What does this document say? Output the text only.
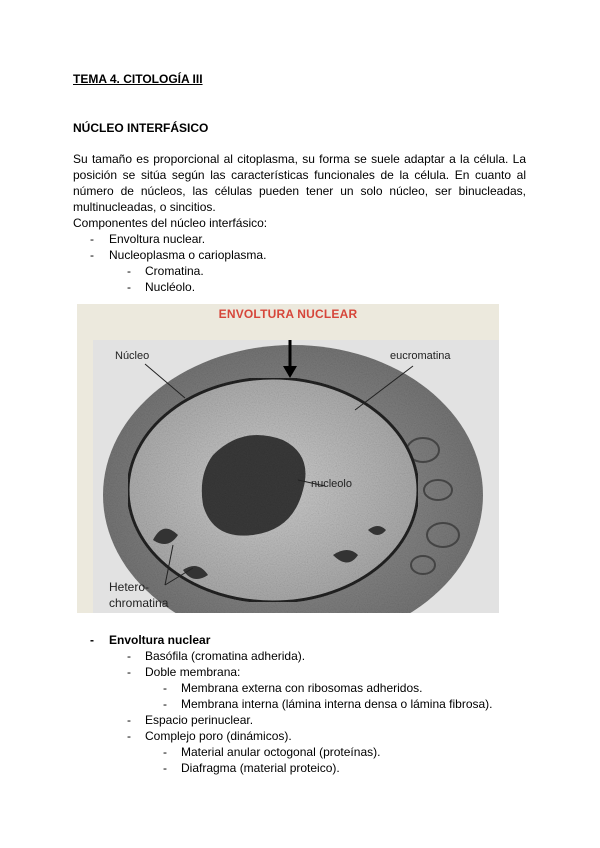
TEMA 4. CITOLOGÍA III
NÚCLEO INTERFÁSICO
Su tamaño es proporcional al citoplasma, su forma se suele adaptar a la célula. La
posición se sitúa según las características funcionales de la célula. En cuanto al
número de núcleos, las células pueden tener un solo núcleo, ser binucleadas,
multinucleadas, o sincitios.
Componentes del núcleo interfásico:
- Envoltura nuclear.
- Nucleoplasma o carioplasma.
- Cromatina.
- Nucléolo.
ENVOLTURA NUCLEAR
Núcleo	eucromatina
nucleolo
Hetero-
chromatina
- Envoltura nuclear
- Basófila (cromatina adherida).
- Doble membrana:
- Membrana externa con ribosomas adheridos.
- Membrana interna (lámina interna densa o lámina fibrosa).
- Espacio perinuclear.
- Complejo poro (dinámicos).
- Material anular octogonal (proteínas).
- Diafragma (material proteico).
